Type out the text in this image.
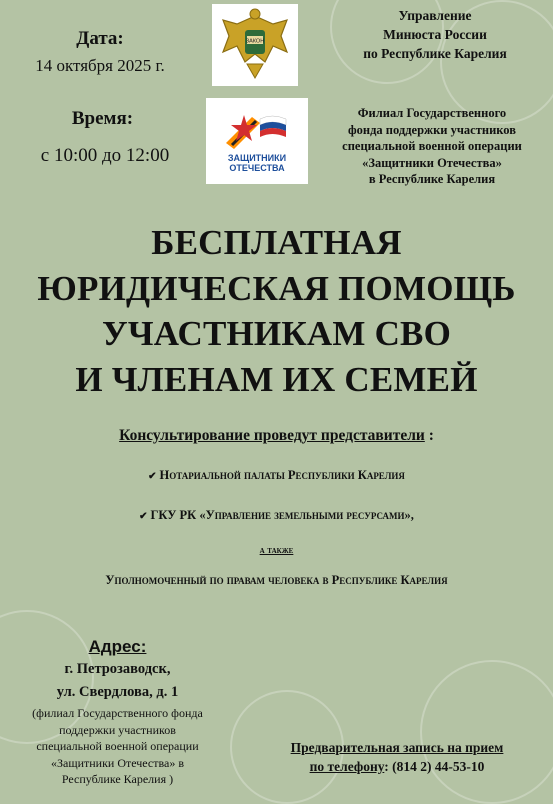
Дата:
14 октября 2025 г.
Время:
с 10:00 до 12:00
ЗАКОН
Управление
Минюста России
по Республике Карелия
ЗАЩИТНИКИ
ОТЕЧЕСТВА
Филиал Государственного
фонда поддержки участников
специальной военной операции
«Защитники Отечества»
в Республике Карелия
БЕСПЛАТНАЯ
ЮРИДИЧЕСКАЯ ПОМОЩЬ
УЧАСТНИКАМ СВО
И ЧЛЕНАМ ИХ СЕМЕЙ
Консультирование проведут представители :
✔ Нотариальной палаты Республики Карелия
✔ ГКУ РК «Управление земельными ресурсами»,
а также
Уполномоченный по правам человека в Республике Карелия
Адрес:
г. Петрозаводск,
ул. Свердлова, д. 1
(филиал Государственного фонда
поддержки участников
специальной военной операции
«Защитники Отечества» в
Республике Карелия )
Предварительная запись на прием
по телефону: (814 2) 44-53-10
